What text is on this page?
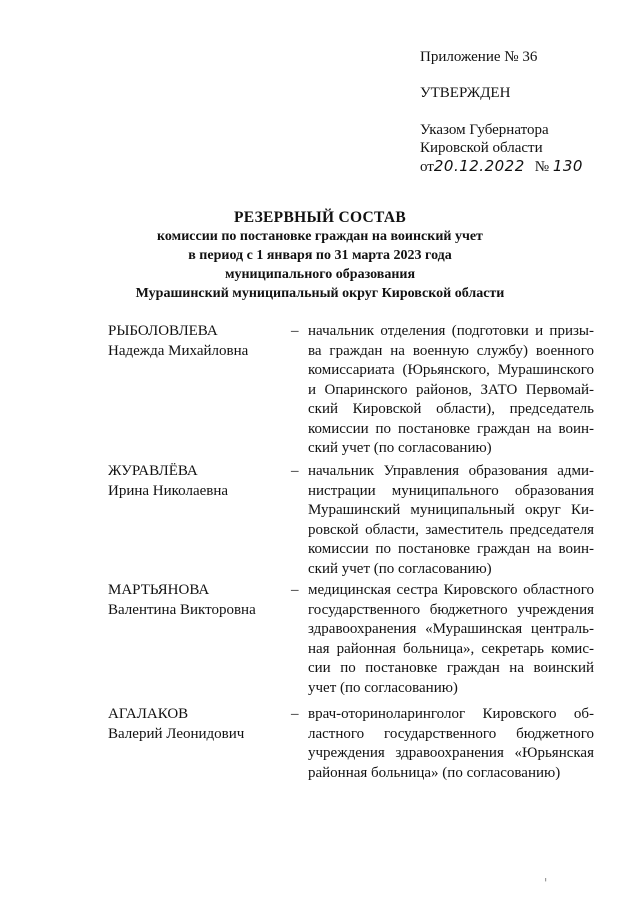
Приложение № 36
УТВЕРЖДЕН
Указом Губернатора
Кировской области
от20.12.2022 № 130
РЕЗЕРВНЫЙ СОСТАВ
комиссии по постановке граждан на воинский учет
в период с 1 января по 31 марта 2023 года
муниципального образования
Мурашинский муниципальный округ Кировской области
РЫБОЛОВЛЕВА
Надежда Михайловна
– начальник отделения (подготовки и призы-
ва граждан на военную службу) военного
комиссариата (Юрьянского, Мурашинского
и Опаринского районов, ЗАТО Первомай-
ский Кировской области), председатель
комиссии по постановке граждан на воин-
ский учет (по согласованию)
ЖУРАВЛЁВА
Ирина Николаевна
– начальник Управления образования адми-
нистрации муниципального образования
Мурашинский муниципальный округ Ки-
ровской области, заместитель председателя
комиссии по постановке граждан на воин-
ский учет (по согласованию)
МАРТЬЯНОВА
Валентина Викторовна
– медицинская сестра Кировского областного
государственного бюджетного учреждения
здравоохранения «Мурашинская централь-
ная районная больница», секретарь комис-
сии по постановке граждан на воинский
учет (по согласованию)
АГАЛАКОВ
Валерий Леонидович
– врач-оториноларинголог Кировского об-
ластного государственного бюджетного
учреждения здравоохранения «Юрьянская
районная больница» (по согласованию)
'
